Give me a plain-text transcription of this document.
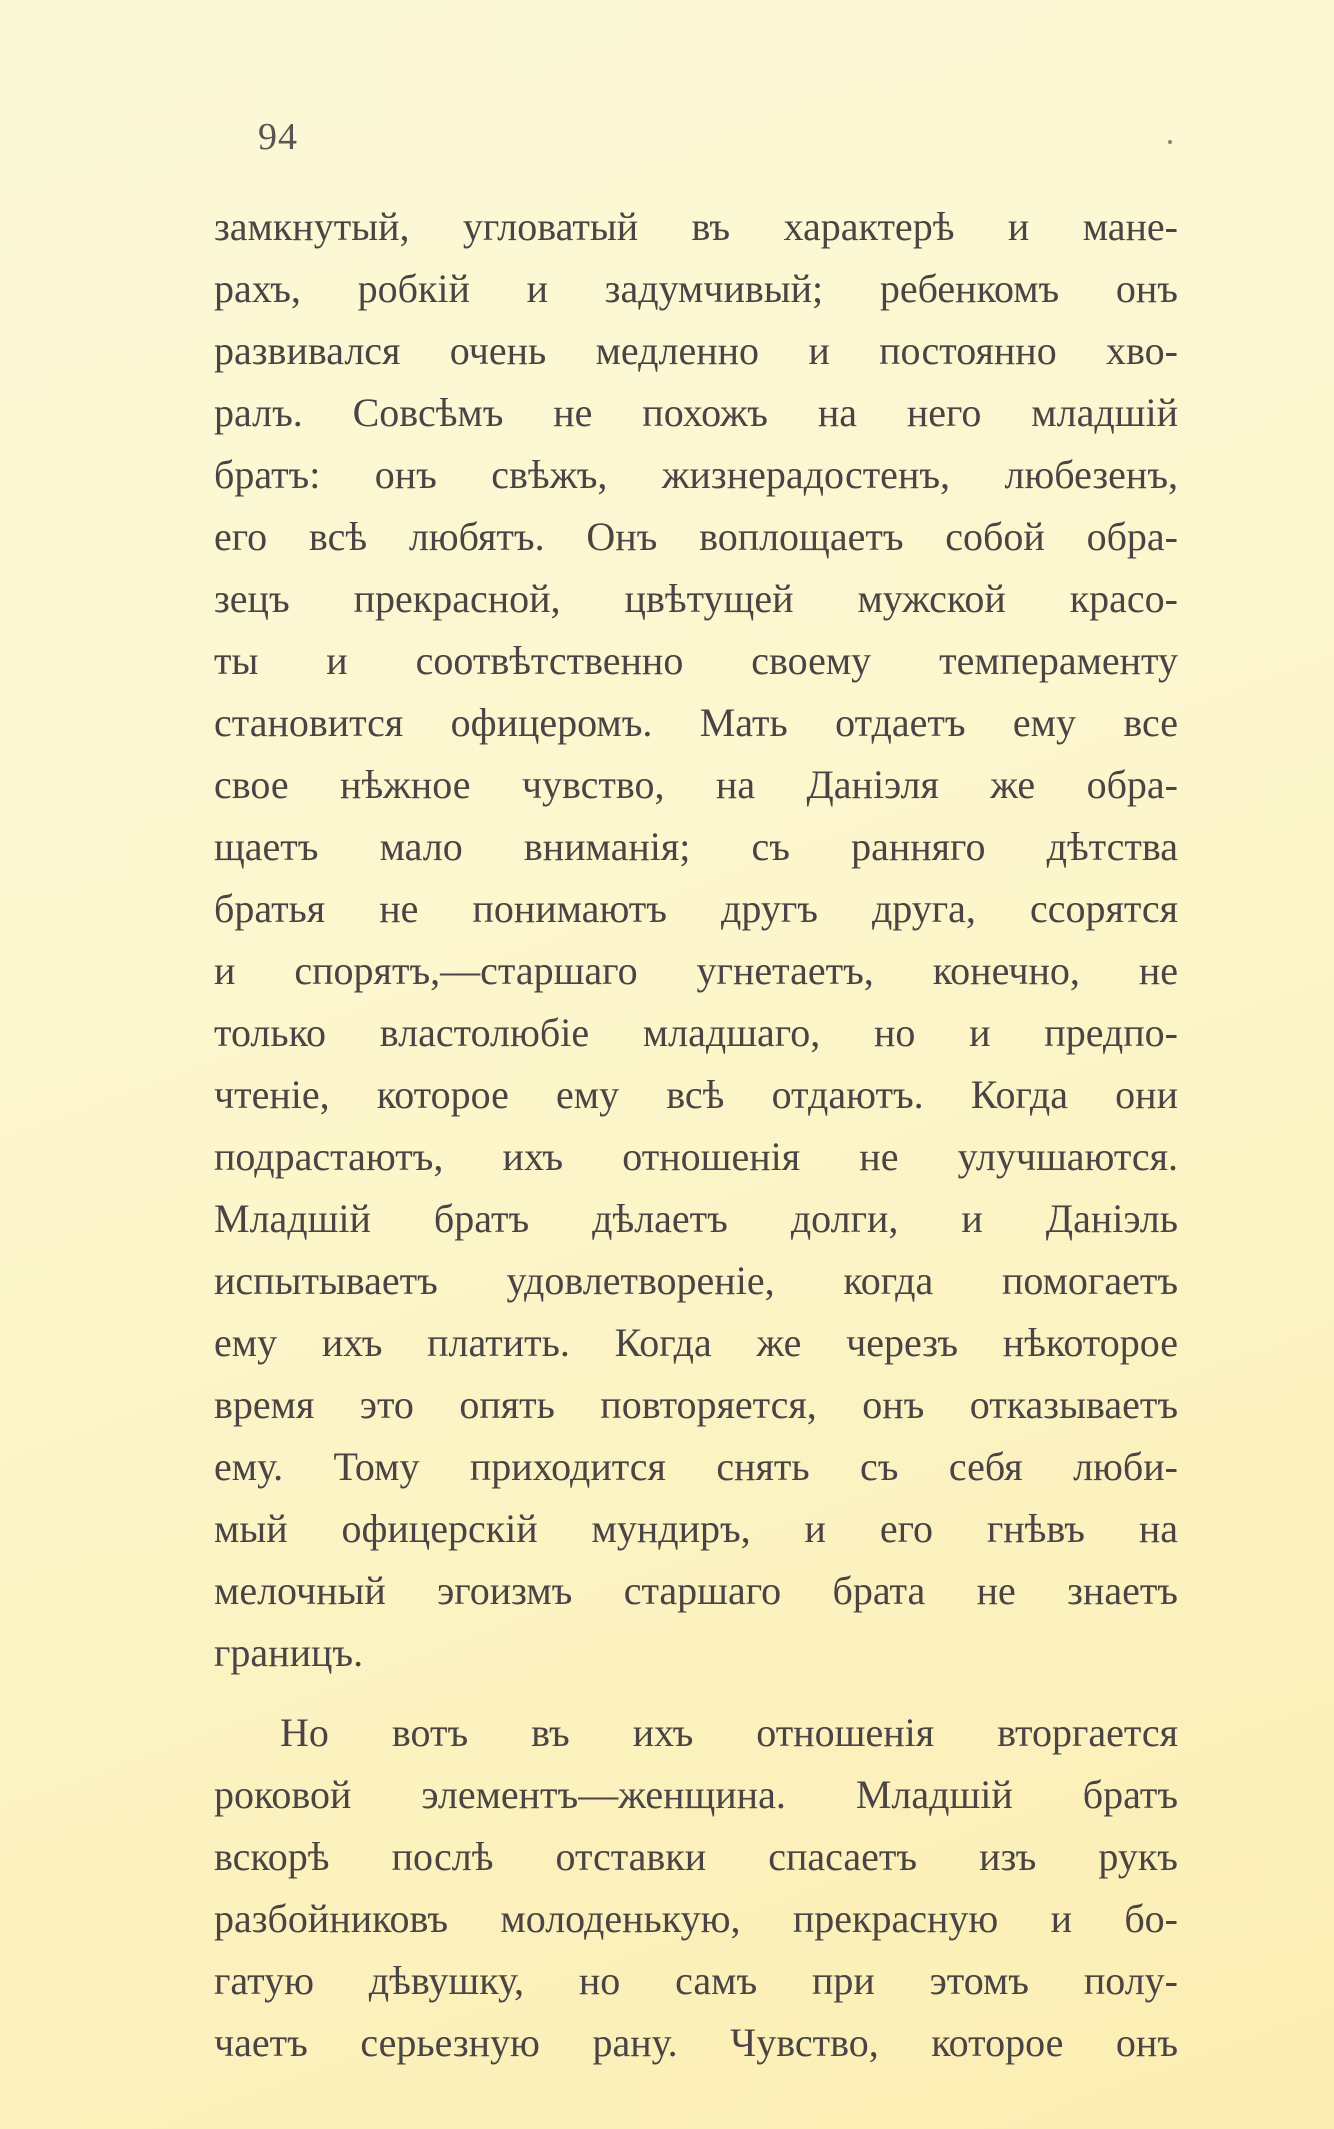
94

замкнутый, угловатый въ характерѣ и мане-
рахъ, робкій и задумчивый; ребенкомъ онъ
развивался очень медленно и постоянно хво-
ралъ. Совсѣмъ не похожъ на него младшій
братъ: онъ свѣжъ, жизнерадостенъ, любезенъ,
его всѣ любятъ. Онъ воплощаетъ собой обра-
зецъ прекрасной, цвѣтущей мужской красо-
ты и соотвѣтственно своему темпераменту
становится офицеромъ. Мать отдаетъ ему все
свое нѣжное чувство, на Даніэля же обра-
щаетъ мало вниманія; съ ранняго дѣтства
братья не понимаютъ другъ друга, ссорятся
и спорятъ,—старшаго угнетаетъ, конечно, не
только властолюбіе младшаго, но и предпо-
чтеніе, которое ему всѣ отдаютъ. Когда они
подрастаютъ, ихъ отношенія не улучшаются.
Младшій братъ дѣлаетъ долги, и Даніэль
испытываетъ удовлетвореніе, когда помогаетъ
ему ихъ платить. Когда же черезъ нѣкоторое
время это опять повторяется, онъ отказываетъ
ему. Тому приходится снять съ себя люби-
мый офицерскій мундиръ, и его гнѣвъ на
мелочный эгоизмъ старшаго брата не знаетъ
границъ.

Но вотъ въ ихъ отношенія вторгается
роковой элементъ—женщина. Младшій братъ
вскорѣ послѣ отставки спасаетъ изъ рукъ
разбойниковъ молоденькую, прекрасную и бо-
гатую дѣвушку, но самъ при этомъ полу-
чаетъ серьезную рану. Чувство, которое онъ
